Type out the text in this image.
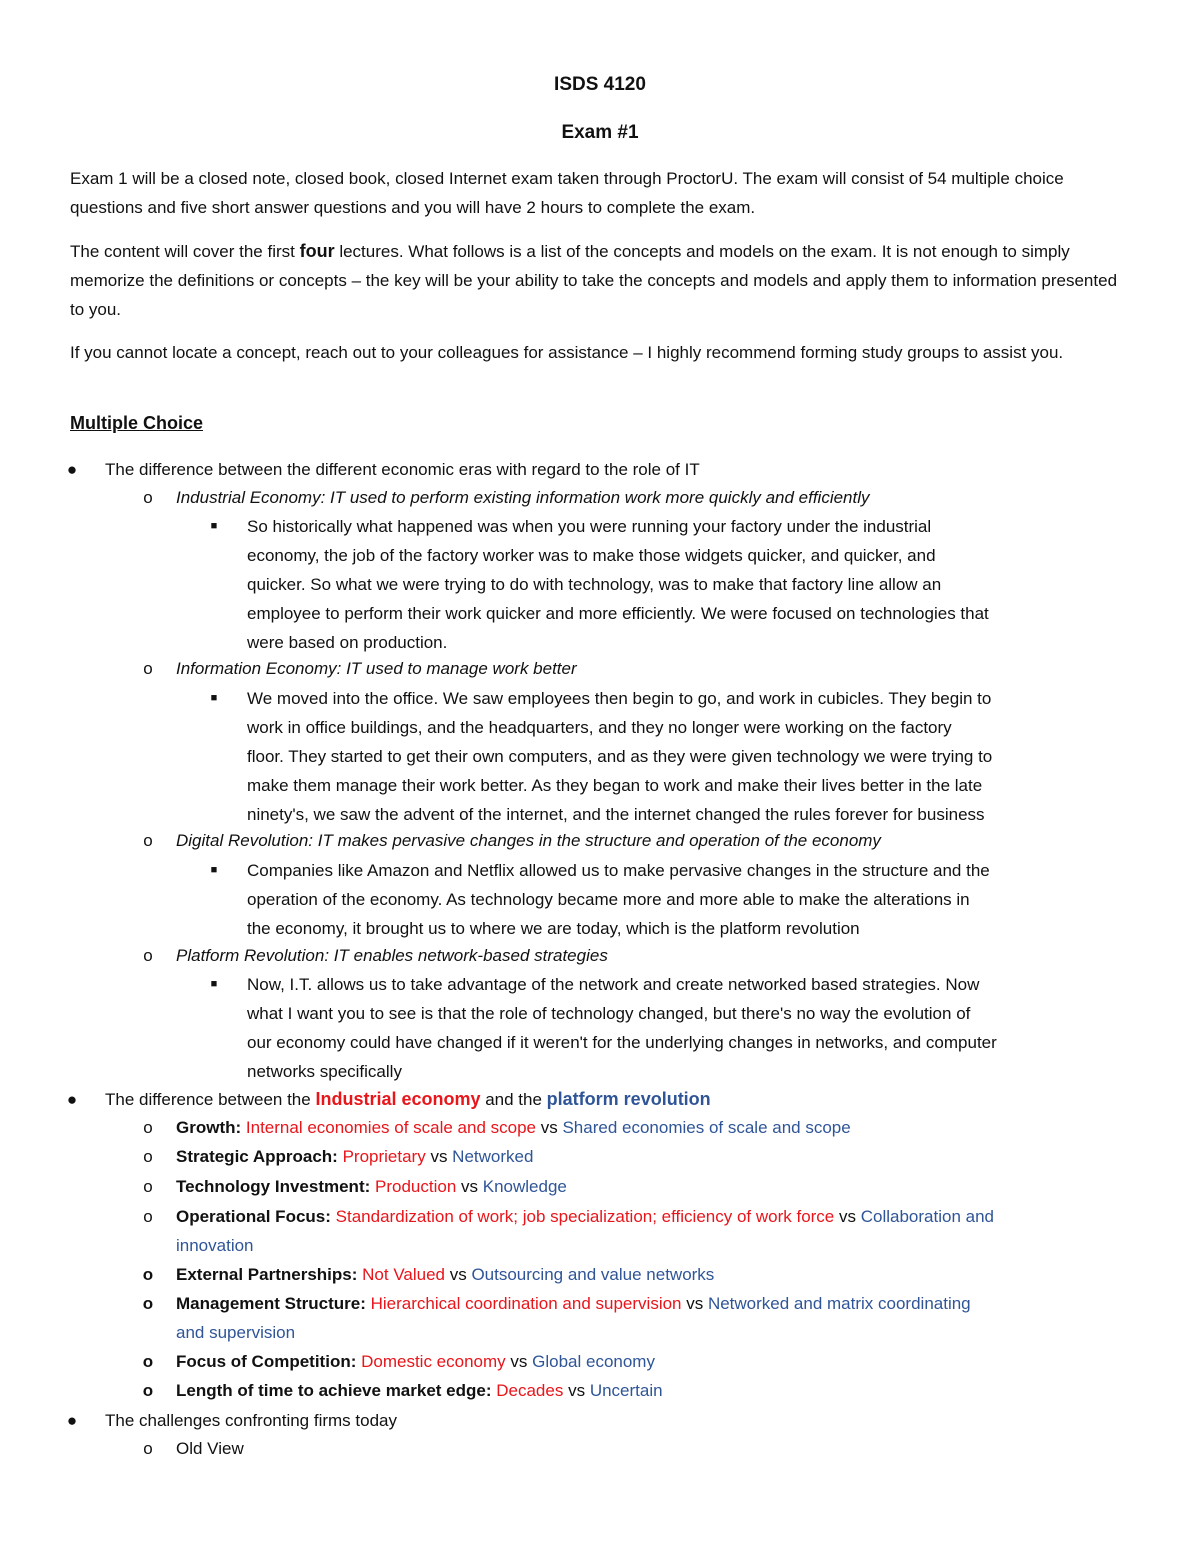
ISDS 4120
Exam #1
Exam 1 will be a closed note, closed book, closed Internet exam taken through ProctorU. The exam will consist of 54 multiple choice questions and five short answer questions and you will have 2 hours to complete the exam.
The content will cover the first four lectures. What follows is a list of the concepts and models on the exam. It is not enough to simply memorize the definitions or concepts – the key will be your ability to take the concepts and models and apply them to information presented to you.
If you cannot locate a concept, reach out to your colleagues for assistance – I highly recommend forming study groups to assist you.
Multiple Choice
● The difference between the different economic eras with regard to the role of IT
o Industrial Economy: IT used to perform existing information work more quickly and efficiently
■ So historically what happened was when you were running your factory under the industrial
economy, the job of the factory worker was to make those widgets quicker, and quicker, and
quicker. So what we were trying to do with technology, was to make that factory line allow an
employee to perform their work quicker and more efficiently. We were focused on technologies that
were based on production.
o Information Economy: IT used to manage work better
■ We moved into the office. We saw employees then begin to go, and work in cubicles. They begin to
work in office buildings, and the headquarters, and they no longer were working on the factory
floor. They started to get their own computers, and as they were given technology we were trying to
make them manage their work better. As they began to work and make their lives better in the late
ninety's, we saw the advent of the internet, and the internet changed the rules forever for business
o Digital Revolution: IT makes pervasive changes in the structure and operation of the economy
■ Companies like Amazon and Netflix allowed us to make pervasive changes in the structure and the
operation of the economy. As technology became more and more able to make the alterations in
the economy, it brought us to where we are today, which is the platform revolution
o Platform Revolution: IT enables network-based strategies
■ Now, I.T. allows us to take advantage of the network and create networked based strategies. Now
what I want you to see is that the role of technology changed, but there's no way the evolution of
our economy could have changed if it weren't for the underlying changes in networks, and computer
networks specifically
● The difference between the Industrial economy and the platform revolution
o Growth: Internal economies of scale and scope vs Shared economies of scale and scope
o Strategic Approach: Proprietary vs Networked
o Technology Investment: Production vs Knowledge
o Operational Focus: Standardization of work; job specialization; efficiency of work force vs Collaboration and
innovation
o External Partnerships: Not Valued vs Outsourcing and value networks
o Management Structure: Hierarchical coordination and supervision vs Networked and matrix coordinating
and supervision
o Focus of Competition: Domestic economy vs Global economy
o Length of time to achieve market edge: Decades vs Uncertain
● The challenges confronting firms today
o Old View
